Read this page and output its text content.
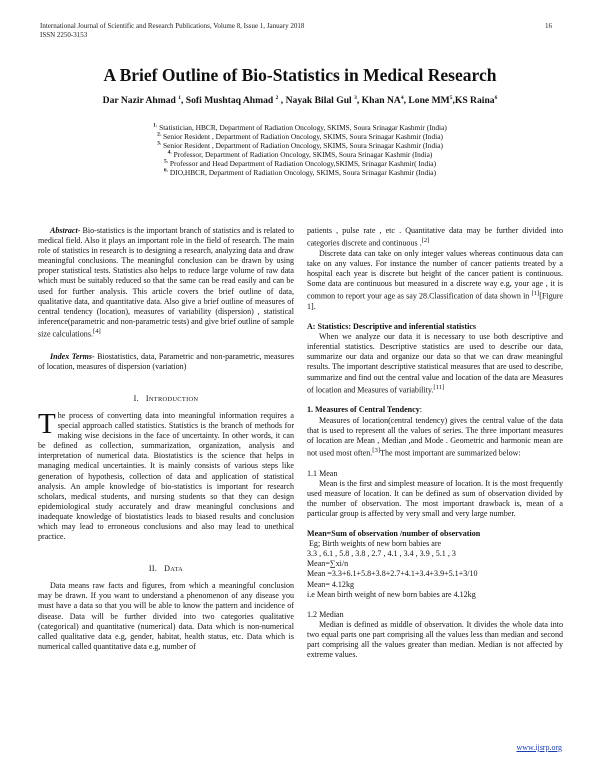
International Journal of Scientific and Research Publications, Volume 8, Issue 1, January 2018
ISSN 2250-3153
16
A Brief Outline of Bio-Statistics in Medical Research
Dar Nazir Ahmad $^1$, Sofi Mushtaq Ahmad $^2$ , Nayak Bilal Gul $^3$, Khan $NA^4$, Lone $MM^5,KS$ Raina$^6$
$^{1.}$ Statistician, HBCR, Department of Radiation Oncology, SKIMS, Soura Srinagar Kashmir (India)
$^{2.}$ Senior Resident , Department of Radiation Oncology, SKIMS, Soura Srinagar Kashmir (India)
$^{3.}$ Senior Resident , Department of Radiation Oncology, SKIMS, Soura Srinagar Kashmir (India)
$^{4.}$ Professor, Department of Radiation Oncology, SKIMS, Soura Srinagar Kashmir (India)
$^{5.}$ Professor and Head Department of Radiation Oncology,SKIMS, Srinagar Kashmir( India)
$^{6.}$ DIO,HBCR, Department of Radiation Oncology, SKIMS, Soura Srinagar Kashmir (India)

Abstract- Bio-statistics is the important branch of statistics and is related to medical field. Also it plays an important role in the field of research. The main role of statistics in research is to designing a research, analyzing data and draw meaningful conclusions. The meaningful conclusion can be drawn by using proper statistical tests. Statistics also helps to reduce large volume of raw data which must be suitably reduced so that the same can be read easily and can be used for further analysis. This article covers the brief outline of data, qualitative data, and quantitative data. Also give a brief outline of measures of central tendency (location), measures of variability (dispersion) , statistical inference(parametric and non-parametric tests) and give brief outline of sample size calculations.[4]

Index Terms- Biostatistics, data, Parametric and non-parametric, measures of location, measures of dispersion (variation)

I. INTRODUCTION

The process of converting data into meaningful information requires a special approach called statistics. Statistics is the branch of methods for making wise decisions in the face of uncertainty. In other words, it can be defined as collection, summarization, organization, analysis and interpretation of numerical data. Biostatistics is the science that helps in managing medical uncertainties. It is mainly consists of various steps like generation of hypothesis, collection of data and application of statistical analysis. An ample knowledge of bio-statistics is important for research scholars, medical students, and nursing students so that they can design epidemiological study accurately and draw meaningful conclusions and inadequate knowledge of biostatistics leads to biased results and conclusion which may lead to erroneous conclusions and also may lead to unethical practice.

II. DATA

Data means raw facts and figures, from which a meaningful conclusion may be drawn. If you want to understand a phenomenon of any disease you must have a data so that you will be able to know the pattern and incidence of disease. Data will be further divided into two categories qualitative (categorical) and quantitative (numerical) data. Data which is non-numerical called qualitative data e.g, gender, habitat, health status, etc. Data which is numerical called quantitative data e.g, number of

patients , pulse rate , etc . Quantitative data may be further divided into categories discrete and continuous .[2]

Discrete data can take on only integer values whereas continuous data can take on any values. For instance the number of cancer patients treated by a hospital each year is discrete but height of the cancer patient is continuous. Some data are continuous but measured in a discrete way e.g, your age , it is common to report your age as say 28.Classification of data shown in [1][Figure 1].

A: Statistics: Descriptive and inferential statistics

When we analyze our data it is necessary to use both descriptive and inferential statistics. Descriptive statistics are used to describe our data, summarize our data and organize our data so that we can draw meaningful results. The important descriptive statistical measures that are used to describe, summarize and find out the central value and location of the data are Measures of location and Measures of variability.[11]

1. Measures of Central Tendency:

Measures of location(central tendency) gives the central value of the data that is used to represent all the values of series. The three important measures of location are Mean , Median ,and Mode . Geometric and harmonic mean are not used most often.[3]The most important are summarized below:

1.1 Mean

Mean is the first and simplest measure of location. It is the most frequently used measure of location. It can be defined as sum of observation divided by the number of observation. The most important drawback is, mean of a particular group is affected by very small and very large number.

Mean=Sum of observation /number of observation

Eg; Birth weights of new born babies are

3.3 , 6.1 , 5.8 , 3.8 , 2.7 , 4.1 , 3.4 , 3.9 , 5.1 , 3

Mean=∑xi/n

Mean =3.3+6.1+5.8+3.8+2.7+4.1+3.4+3.9+5.1+3/10

Mean= 4.12kg

i.e Mean birth weight of new born babies are 4.12kg

1.2 Median

Median is defined as middle of observation. It divides the whole data into two equal parts one part comprising all the values less than median and second part comprising all the values greater than median. Median is not affected by extreme values.

www.ijsrp.org
